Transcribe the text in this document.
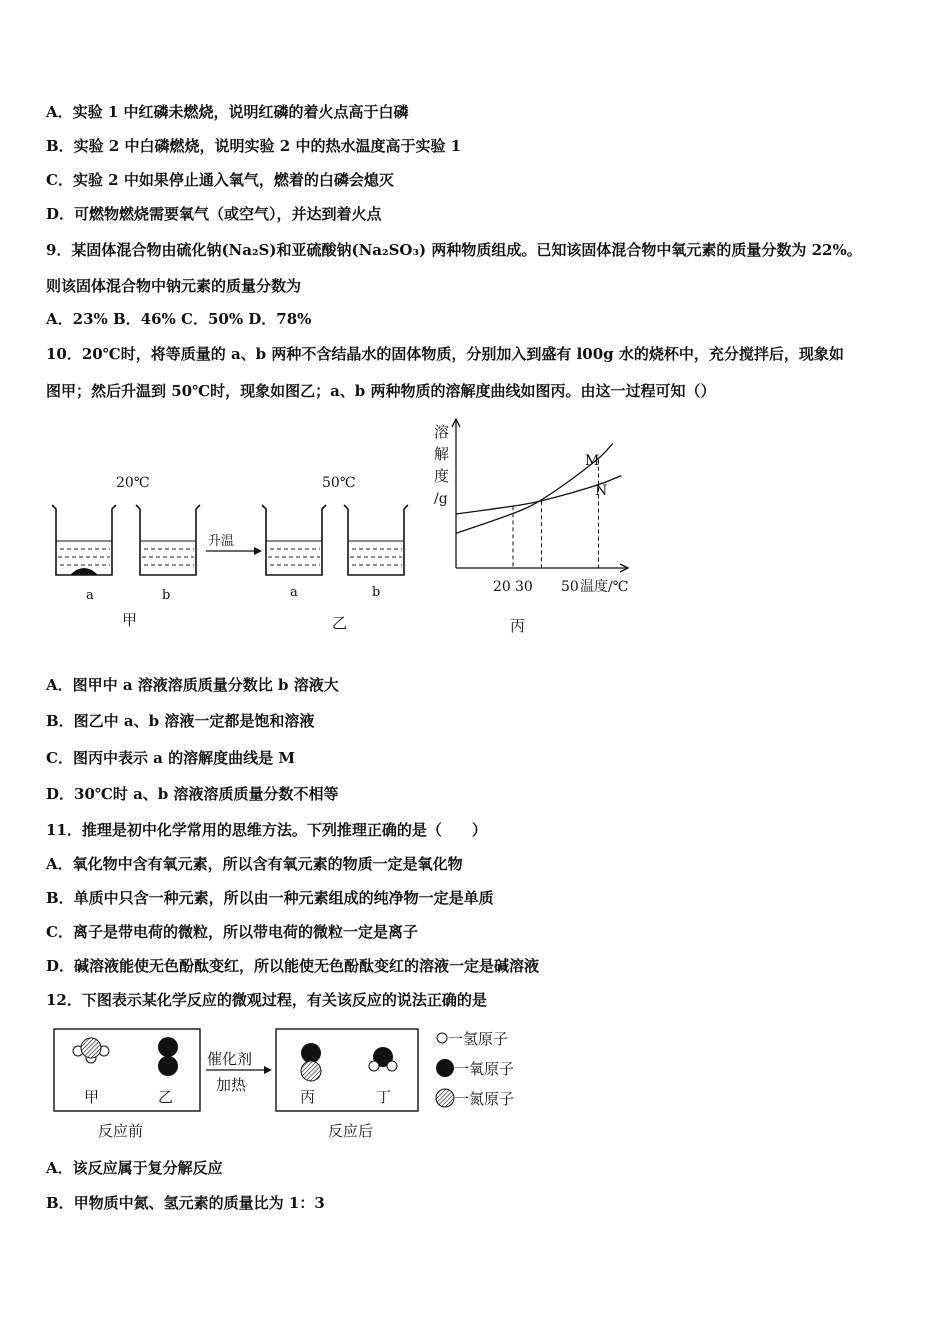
A．实验 1 中红磷未燃烧，说明红磷的着火点高于白磷
B．实验 2 中白磷燃烧，说明实验 2 中的热水温度高于实验 1
C．实验 2 中如果停止通入氧气，燃着的白磷会熄灭
D．可燃物燃烧需要氧气（或空气），并达到着火点
9．某固体混合物由硫化钠(Na₂S)和亚硫酸钠(Na₂SO₃) 两种物质组成。已知该固体混合物中氧元素的质量分数为 22%。
则该固体混合物中钠元素的质量分数为
A．23% B．46% C．50% D．78%
10．20℃时，将等质量的 a、b 两种不含结晶水的固体物质，分别加入到盛有 l00g 水的烧杯中，充分搅拌后，现象如
图甲；然后升温到 50℃时，现象如图乙；a、b 两种物质的溶解度曲线如图丙。由这一过程可知（）
20℃	50℃
升温
a	b	a	b
甲	乙
溶
解
度
/g
M
N
20 30 50 温度/℃
丙
A．图甲中 a 溶液溶质质量分数比 b 溶液大
B．图乙中 a、b 溶液一定都是饱和溶液
C．图丙中表示 a 的溶解度曲线是 M
D．30℃时 a、b 溶液溶质质量分数不相等
11．推理是初中化学常用的思维方法。下列推理正确的是（　　）
A．氧化物中含有氧元素，所以含有氧元素的物质一定是氧化物
B．单质中只含一种元素，所以由一种元素组成的纯净物一定是单质
C．离子是带电荷的微粒，所以带电荷的微粒一定是离子
D．碱溶液能使无色酚酞变红，所以能使无色酚酞变红的溶液一定是碱溶液
12．下图表示某化学反应的微观过程，有关该反应的说法正确的是
甲	乙
催化剂
加热
丙	丁
反应前	反应后
一氢原子
一氧原子
一氮原子
A．该反应属于复分解反应
B．甲物质中氮、氢元素的质量比为 1：3
